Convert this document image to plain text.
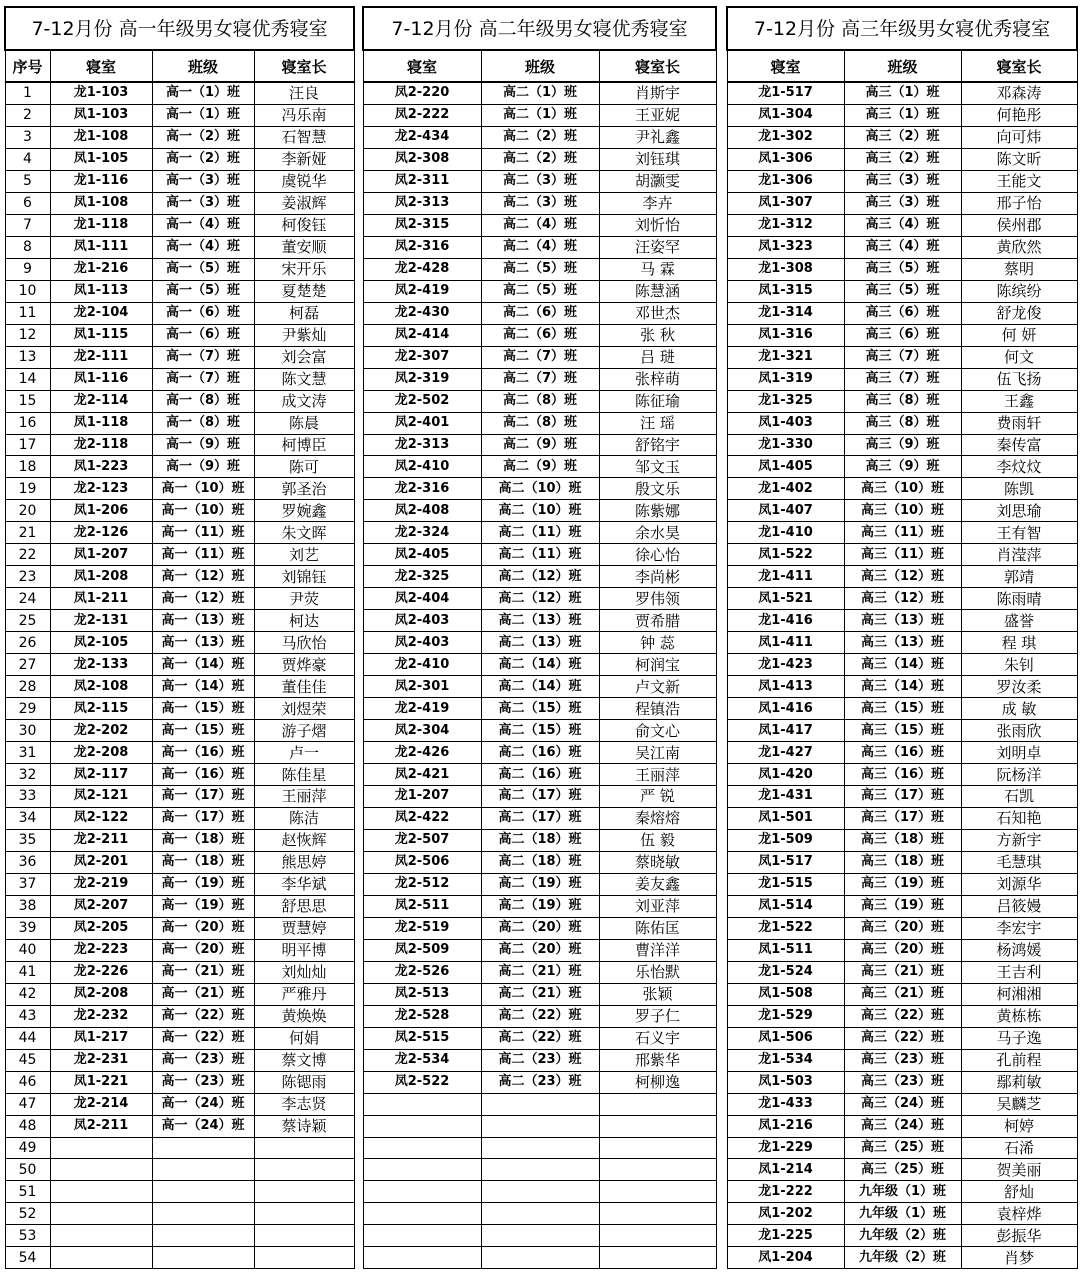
7-12月份 高一年级男女寝优秀寝室			
序号	寝室	班级	寝室长
1	龙1-103	高一（1）班	汪良
2	凤1-103	高一（1）班	冯乐南
3	龙1-108	高一（2）班	石智慧
4	凤1-105	高一（2）班	李新娅
5	龙1-116	高一（3）班	虞锐华
6	凤1-108	高一（3）班	姜淑辉
7	龙1-118	高一（4）班	柯俊钰
8	凤1-111	高一（4）班	董安顺
9	龙1-216	高一（5）班	宋开乐
10	凤1-113	高一（5）班	夏楚楚
11	龙2-104	高一（6）班	柯磊
12	凤1-115	高一（6）班	尹紫灿
13	龙2-111	高一（7）班	刘会富
14	凤1-116	高一（7）班	陈文慧
15	龙2-114	高一（8）班	成文涛
16	凤1-118	高一（8）班	陈晨
17	龙2-118	高一（9）班	柯博臣
18	凤1-223	高一（9）班	陈可
19	龙2-123	高一（10）班	郭圣治
20	凤1-206	高一（10）班	罗婉鑫
21	龙2-126	高一（11）班	朱文晖
22	凤1-207	高一（11）班	刘艺
23	凤1-208	高一（12）班	刘锦钰
24	凤1-211	高一（12）班	尹荧
25	龙2-131	高一（13）班	柯达
26	凤2-105	高一（13）班	马欣怡
27	龙2-133	高一（14）班	贾烨豪
28	凤2-108	高一（14）班	董佳佳
29	凤2-115	高一（15）班	刘煜荣
30	龙2-202	高一（15）班	游子熠
31	龙2-208	高一（16）班	卢一
32	凤2-117	高一（16）班	陈佳星
33	凤2-121	高一（17）班	王丽萍
34	凤2-122	高一（17）班	陈洁
35	龙2-211	高一（18）班	赵恢辉
36	凤2-201	高一（18）班	熊思婷
37	龙2-219	高一（19）班	李华斌
38	凤2-207	高一（19）班	舒思思
39	凤2-205	高一（20）班	贾慧婷
40	龙2-223	高一（20）班	明平博
41	龙2-226	高一（21）班	刘灿灿
42	凤2-208	高一（21）班	严雅丹
43	龙2-232	高一（22）班	黄焕焕
44	凤1-217	高一（22）班	何娟
45	龙2-231	高一（23）班	蔡文博
46	凤1-221	高一（23）班	陈锶雨
47	龙2-214	高一（24）班	李志贤
48	凤2-211	高一（24）班	蔡诗颖
49			
50			
51			
52			
53			
54			
7-12月份 高二年级男女寝优秀寝室		
寝室	班级	寝室长
凤2-220	高二（1）班	肖斯宇
凤2-222	高二（1）班	王亚妮
龙2-434	高二（2）班	尹礼鑫
凤2-308	高二（2）班	刘钰琪
凤2-311	高二（3）班	胡灏雯
凤2-313	高二（3）班	李卉
凤2-315	高二（4）班	刘忻怡
凤2-316	高二（4）班	汪姿罕
龙2-428	高二（5）班	马 霖
凤2-419	高二（5）班	陈慧涵
龙2-430	高二（6）班	邓世杰
凤2-414	高二（6）班	张 秋
龙2-307	高二（7）班	吕 琎
凤2-319	高二（7）班	张梓萌
龙2-502	高二（8）班	陈征瑜
凤2-401	高二（8）班	汪 瑶
龙2-313	高二（9）班	舒铭宇
凤2-410	高二（9）班	邹文玉
龙2-316	高二（10）班	殷文乐
凤2-408	高二（10）班	陈紫娜
龙2-324	高二（11）班	余水昊
凤2-405	高二（11）班	徐心怡
龙2-325	高二（12）班	李尚彬
凤2-404	高二（12）班	罗伟领
凤2-403	高二（13）班	贾希腊
凤2-403	高二（13）班	钟 蕊
龙2-410	高二（14）班	柯润宝
凤2-301	高二（14）班	卢文新
龙2-419	高二（15）班	程镇浩
凤2-304	高二（15）班	俞文心
龙2-426	高二（16）班	吴江南
凤2-421	高二（16）班	王丽萍
龙1-207	高二（17）班	严 锐
凤2-422	高二（17）班	秦熔熔
龙2-507	高二（18）班	伍 毅
凤2-506	高二（18）班	蔡晓敏
龙2-512	高二（19）班	姜友鑫
凤2-511	高二（19）班	刘亚萍
龙2-519	高二（20）班	陈佑匡
凤2-509	高二（20）班	曹洋洋
龙2-526	高二（21）班	乐怡默
凤2-513	高二（21）班	张颖
龙2-528	高二（22）班	罗子仁
凤2-515	高二（22）班	石义宇
龙2-534	高二（23）班	邢紫华
凤2-522	高二（23）班	柯柳逸

7-12月份 高三年级男女寝优秀寝室		
寝室	班级	寝室长
龙1-517	高三（1）班	邓森涛
凤1-304	高三（1）班	何艳彤
龙1-302	高三（2）班	向可炜
凤1-306	高三（2）班	陈文昕
龙1-306	高三（3）班	王能文
凤1-307	高三（3）班	邢子怡
龙1-312	高三（4）班	侯州郡
凤1-323	高三（4）班	黄欣然
龙1-308	高三（5）班	蔡明
凤1-315	高三（5）班	陈缤纷
龙1-314	高三（6）班	舒龙俊
凤1-316	高三（6）班	何 妍
龙1-321	高三（7）班	何文
凤1-319	高三（7）班	伍飞扬
龙1-325	高三（8）班	王鑫
凤1-403	高三（8）班	费雨轩
龙1-330	高三（9）班	秦传富
凤1-405	高三（9）班	李炆炆
龙1-402	高三（10）班	陈凯
凤1-407	高三（10）班	刘思瑜
龙1-410	高三（11）班	王有智
凤1-522	高三（11）班	肖滢萍
龙1-411	高三（12）班	郭靖
凤1-521	高三（12）班	陈雨晴
龙1-416	高三（13）班	盛誉
凤1-411	高三（13）班	程 琪
龙1-423	高三（14）班	朱钊
凤1-413	高三（14）班	罗汝柔
凤1-416	高三（15）班	成 敏
凤1-417	高三（15）班	张雨欣
龙1-427	高三（16）班	刘明卓
凤1-420	高三（16）班	阮杨洋
龙1-431	高三（17）班	石凯
凤1-501	高三（17）班	石知艳
龙1-509	高三（18）班	方新宇
凤1-517	高三（18）班	毛慧琪
龙1-515	高三（19）班	刘源华
凤1-514	高三（19）班	吕筱嫚
龙1-522	高三（20）班	李宏宇
凤1-511	高三（20）班	杨鸿媛
龙1-524	高三（21）班	王吉利
凤1-508	高三（21）班	柯湘湘
龙1-529	高三（22）班	黄栋栋
凤1-506	高三（22）班	马子逸
龙1-534	高三（23）班	孔前程
凤1-503	高三（23）班	鄢莉敏
龙1-433	高三（24）班	吴麟芝
凤1-216	高三（24）班	柯婷
龙1-229	高三（25）班	石浠
凤1-214	高三（25）班	贺美丽
龙1-222	九年级（1）班	舒灿
凤1-202	九年级（1）班	袁梓烨
龙1-225	九年级（2）班	彭振华
凤1-204	九年级（2）班	肖梦
